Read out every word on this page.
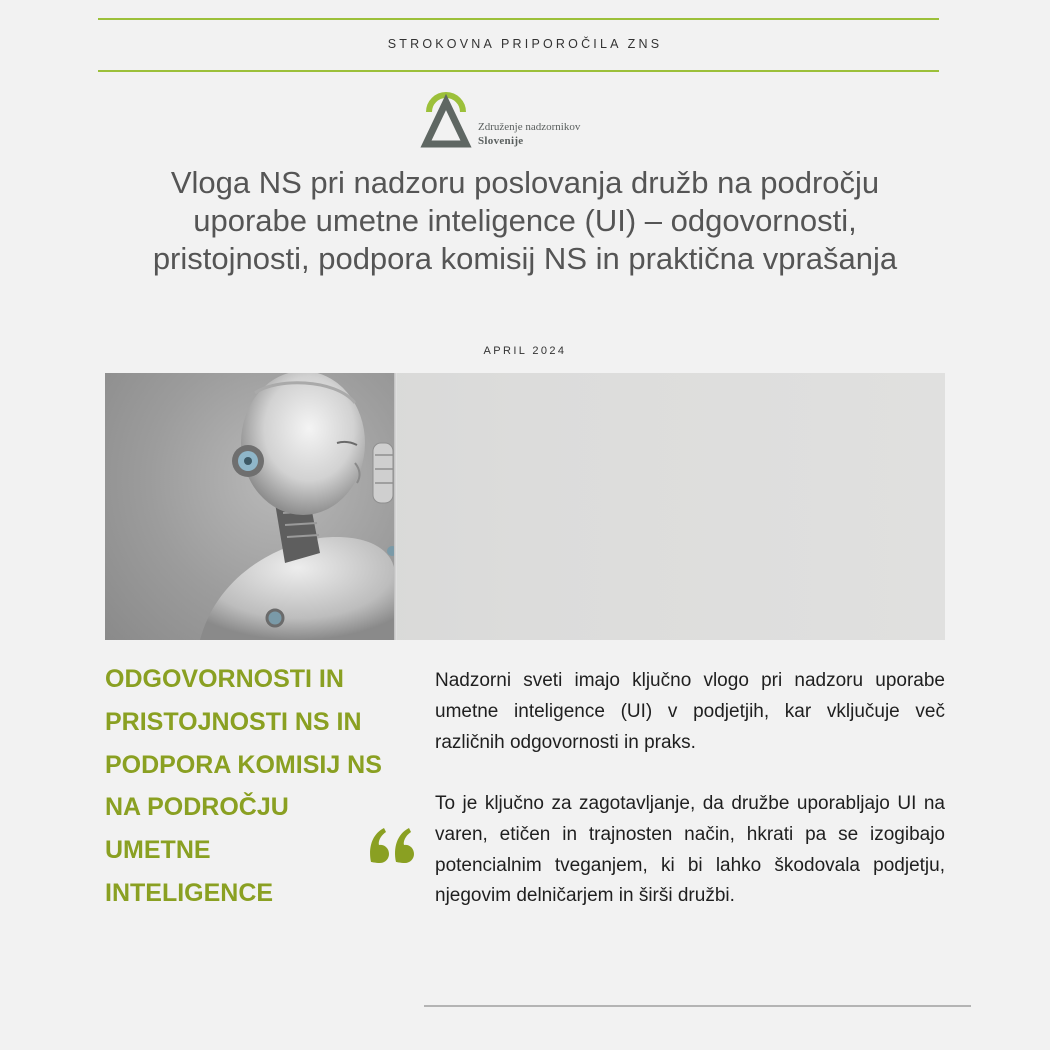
STROKOVNA PRIPOROČILA ZNS
Združenje nadzornikov
Slovenije
Vloga NS pri nadzoru poslovanja družb na področju uporabe umetne inteligence (UI) – odgovornosti, pristojnosti, podpora komisij NS in praktična vprašanja
APRIL 2024
ODGOVORNOSTI IN PRISTOJNOSTI NS IN PODPORA KOMISIJ NS NA PODROČJU UMETNE INTELIGENCE

Nadzorni sveti imajo ključno vlogo pri nadzoru uporabe umetne inteligence (UI) v podjetjih, kar vključuje več različnih odgovornosti in praks.

To je ključno za zagotavljanje, da družbe uporabljajo UI na varen, etičen in trajnosten način, hkrati pa se izogibajo potencialnim tveganjem, ki bi lahko škodovala podjetju, njegovim delničarjem in širši družbi.
